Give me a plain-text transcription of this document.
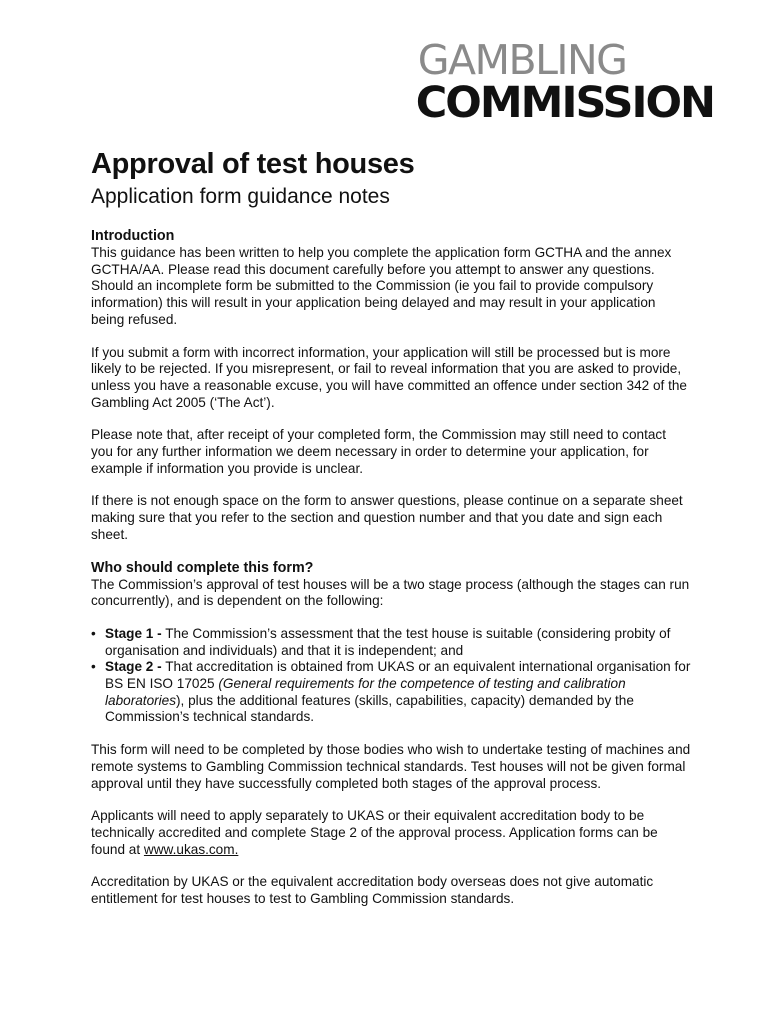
GAMBLING
COMMISSION
Approval of test houses
Application form guidance notes
Introduction

This guidance has been written to help you complete the application form GCTHA and the annex GCTHA/AA. Please read this document carefully before you attempt to answer any questions. Should an incomplete form be submitted to the Commission (ie you fail to provide compulsory information) this will result in your application being delayed and may result in your application being refused.

If you submit a form with incorrect information, your application will still be processed but is more likely to be rejected. If you misrepresent, or fail to reveal information that you are asked to provide, unless you have a reasonable excuse, you will have committed an offence under section 342 of the Gambling Act 2005 (‘The Act’).

Please note that, after receipt of your completed form, the Commission may still need to contact you for any further information we deem necessary in order to determine your application, for example if information you provide is unclear.

If there is not enough space on the form to answer questions, please continue on a separate sheet making sure that you refer to the section and question number and that you date and sign each sheet.

Who should complete this form?

The Commission’s approval of test houses will be a two stage process (although the stages can run concurrently), and is dependent on the following:

• Stage 1 - The Commission’s assessment that the test house is suitable (considering probity of organisation and individuals) and that it is independent; and
• Stage 2 - That accreditation is obtained from UKAS or an equivalent international organisation for BS EN ISO 17025 (General requirements for the competence of testing and calibration laboratories), plus the additional features (skills, capabilities, capacity) demanded by the Commission’s technical standards.

This form will need to be completed by those bodies who wish to undertake testing of machines and remote systems to Gambling Commission technical standards. Test houses will not be given formal approval until they have successfully completed both stages of the approval process.

Applicants will need to apply separately to UKAS or their equivalent accreditation body to be technically accredited and complete Stage 2 of the approval process. Application forms can be found at www.ukas.com.

Accreditation by UKAS or the equivalent accreditation body overseas does not give automatic entitlement for test houses to test to Gambling Commission standards.
